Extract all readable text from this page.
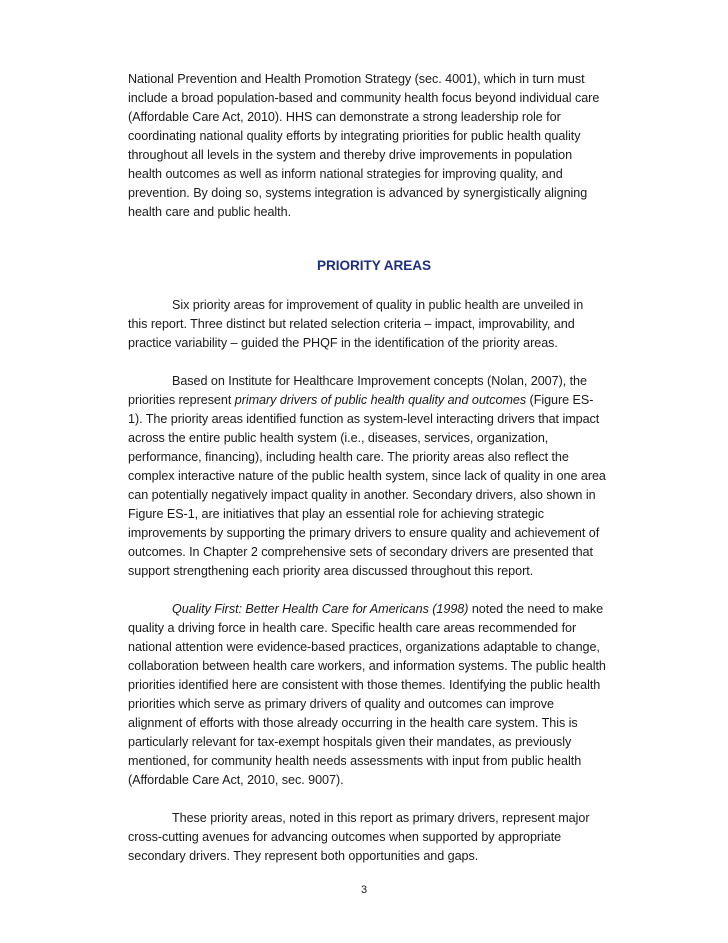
National Prevention and Health Promotion Strategy (sec. 4001), which in turn must include a broad population-based and community health focus beyond individual care (Affordable Care Act, 2010). HHS can demonstrate a strong leadership role for coordinating national quality efforts by integrating priorities for public health quality throughout all levels in the system and thereby drive improvements in population health outcomes as well as inform national strategies for improving quality, and prevention. By doing so, systems integration is advanced by synergistically aligning health care and public health.

PRIORITY AREAS

Six priority areas for improvement of quality in public health are unveiled in this report. Three distinct but related selection criteria – impact, improvability, and practice variability – guided the PHQF in the identification of the priority areas.

Based on Institute for Healthcare Improvement concepts (Nolan, 2007), the priorities represent primary drivers of public health quality and outcomes (Figure ES-1). The priority areas identified function as system-level interacting drivers that impact across the entire public health system (i.e., diseases, services, organization, performance, financing), including health care. The priority areas also reflect the complex interactive nature of the public health system, since lack of quality in one area can potentially negatively impact quality in another. Secondary drivers, also shown in Figure ES-1, are initiatives that play an essential role for achieving strategic improvements by supporting the primary drivers to ensure quality and achievement of outcomes. In Chapter 2 comprehensive sets of secondary drivers are presented that support strengthening each priority area discussed throughout this report.

Quality First: Better Health Care for Americans (1998) noted the need to make quality a driving force in health care. Specific health care areas recommended for national attention were evidence-based practices, organizations adaptable to change, collaboration between health care workers, and information systems. The public health priorities identified here are consistent with those themes. Identifying the public health priorities which serve as primary drivers of quality and outcomes can improve alignment of efforts with those already occurring in the health care system. This is particularly relevant for tax-exempt hospitals given their mandates, as previously mentioned, for community health needs assessments with input from public health (Affordable Care Act, 2010, sec. 9007).

These priority areas, noted in this report as primary drivers, represent major cross-cutting avenues for advancing outcomes when supported by appropriate secondary drivers. They represent both opportunities and gaps.

3
